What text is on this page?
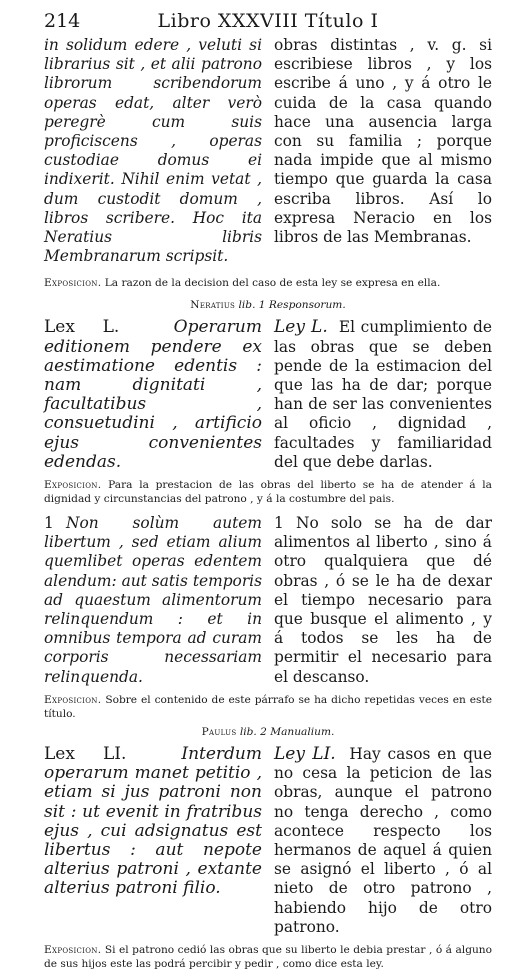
214	Libro XXXVIII Título I

in solidum edere , veluti si librarius sit , et alii patrono librorum scribendorum operas edat, alter verò peregrè cum suis proficiscens , operas custodiae domus ei indixerit. Nihil enim vetat , dum custodit domum , libros scribere. Hoc ita Neratius libris Membranarum scripsit.

obras distintas , v. g. si escribiese libros , y los escribe á uno , y á otro le cuida de la casa quando hace una ausencia larga con su familia ; porque nada impide que al mismo tiempo que guarda la casa escriba libros. Así lo expresa Neracio en los libros de las Membranas.

Exposicion. La razon de la decision del caso de esta ley se expresa en ella.
Neratius lib. 1 Responsorum.

Lex L.	Operarum editionem pendere ex aestimatione edentis : nam dignitati , facultatibus , consuetudini , artificio ejus convenientes edendas.

Ley L. El cumplimiento de las obras que se deben pende de la estimacion del que las ha de dar; porque han de ser las convenientes al oficio , dignidad , facultades y familiaridad del que debe darlas.

Exposicion. Para la prestacion de las obras del liberto se ha de atender á la dignidad y circunstancias del patrono , y á la costumbre del pais.

1 Non solùm autem libertum , sed etiam alium quemlibet operas edentem alendum: aut satis temporis ad quaestum alimentorum relinquendum : et in omnibus tempora ad curam corporis necessariam relinquenda.

1 No solo se ha de dar alimentos al liberto , sino á otro qualquiera que dé obras , ó se le ha de dexar el tiempo necesario para que busque el alimento , y á todos se les ha de permitir el necesario para el descanso.

Exposicion. Sobre el contenido de este párrafo se ha dicho repetidas veces en este título.
Paulus lib. 2 Manualium.

Lex LI.	Interdum operarum manet petitio , etiam si jus patroni non sit : ut evenit in fratribus ejus , cui adsignatus est libertus : aut nepote alterius patroni , extante alterius patroni filio.

Ley LI. Hay casos en que no cesa la peticion de las obras, aunque el patrono no tenga derecho , como acontece respecto los hermanos de aquel á quien se asignó el liberto , ó al nieto de otro patrono , habiendo hijo de otro patrono.

Exposicion. Si el patrono cedió las obras que su liberto le debia prestar , ó á alguno de sus hijos este las podrá percibir y pedir , como dice esta ley.
